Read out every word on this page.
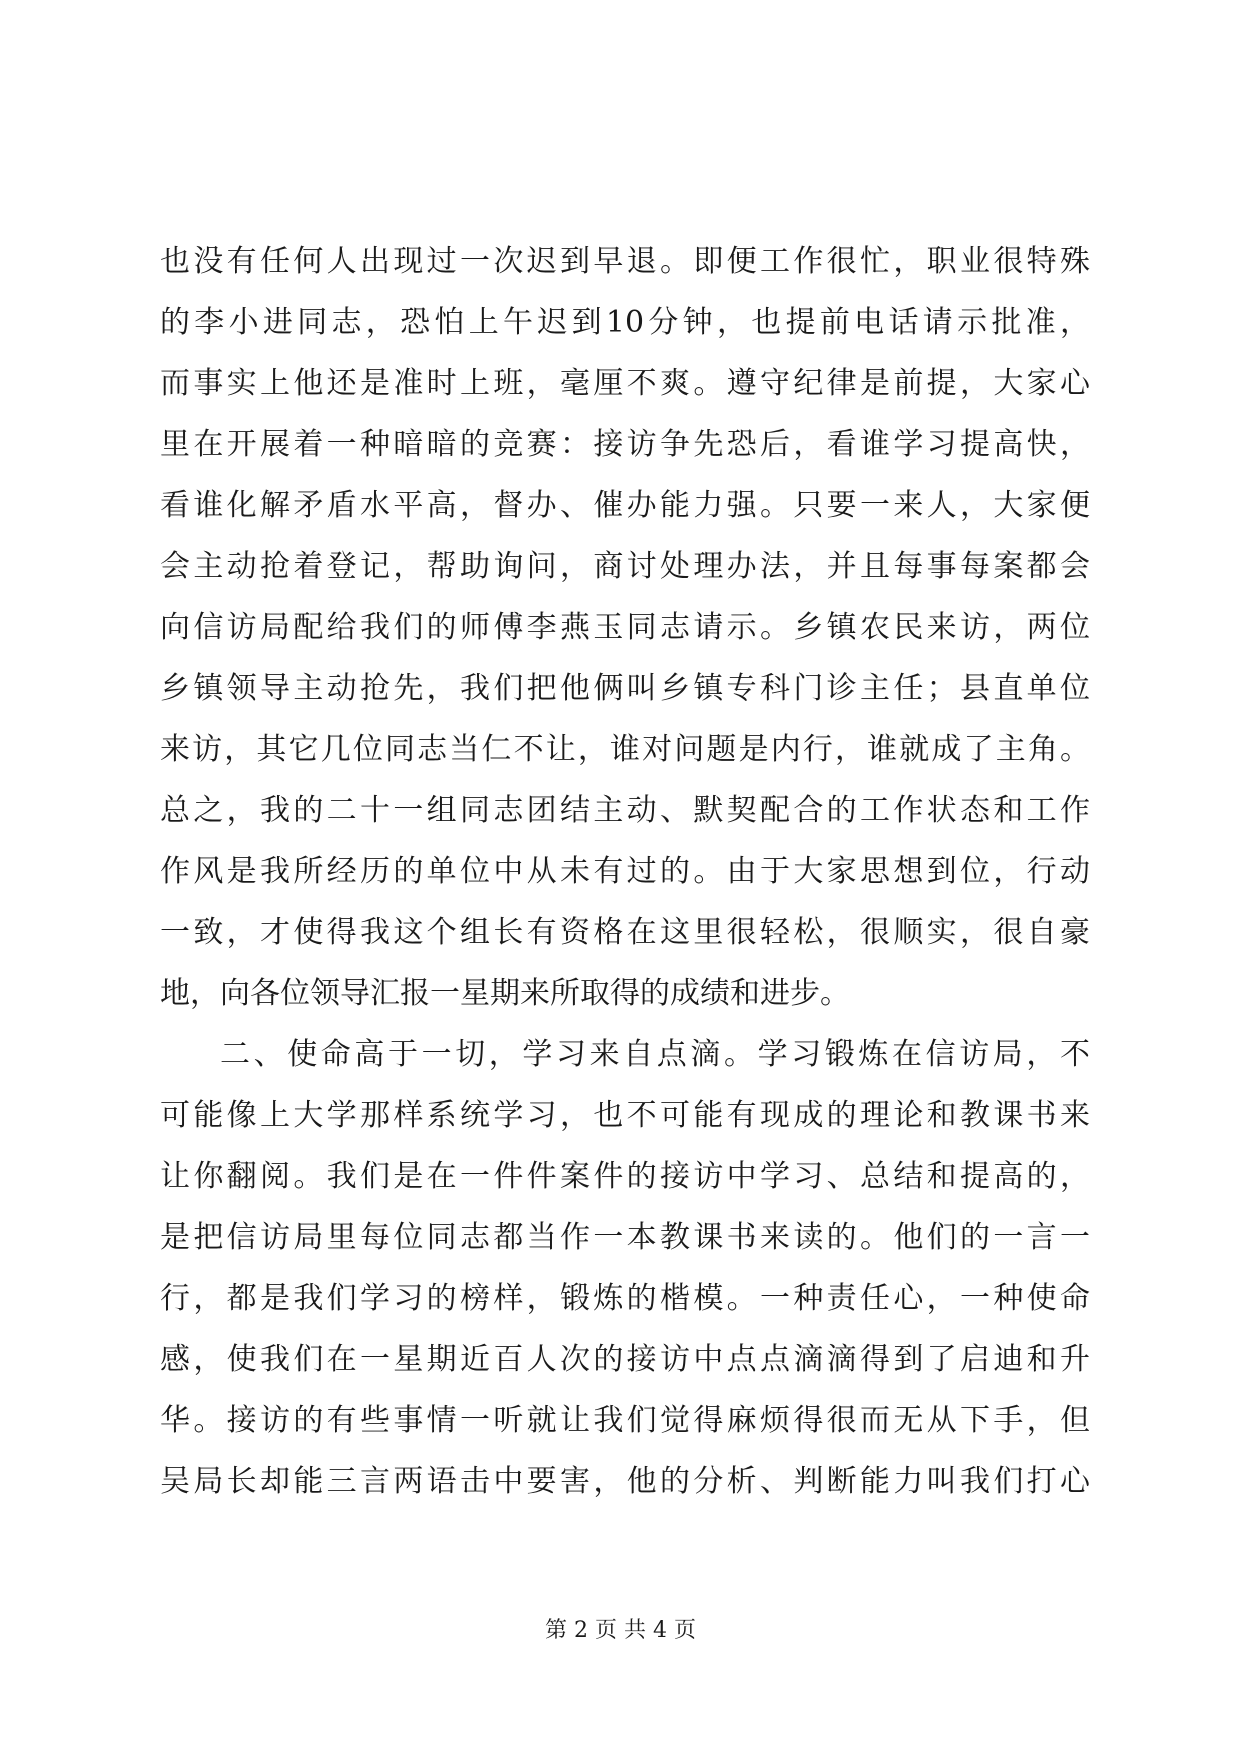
也没有任何人出现过一次迟到早退。即便工作很忙，职业很特殊
的李小进同志，恐怕上午迟到10分钟，也提前电话请示批准，
而事实上他还是准时上班，毫厘不爽。遵守纪律是前提，大家心
里在开展着一种暗暗的竞赛：接访争先恐后，看谁学习提高快，
看谁化解矛盾水平高，督办、催办能力强。只要一来人，大家便
会主动抢着登记，帮助询问，商讨处理办法，并且每事每案都会
向信访局配给我们的师傅李燕玉同志请示。乡镇农民来访，两位
乡镇领导主动抢先，我们把他俩叫乡镇专科门诊主任；县直单位
来访，其它几位同志当仁不让，谁对问题是内行，谁就成了主角。
总之，我的二十一组同志团结主动、默契配合的工作状态和工作
作风是我所经历的单位中从未有过的。由于大家思想到位，行动
一致，才使得我这个组长有资格在这里很轻松，很顺实，很自豪
地，向各位领导汇报一星期来所取得的成绩和进步。
二、使命高于一切，学习来自点滴。学习锻炼在信访局，不
可能像上大学那样系统学习，也不可能有现成的理论和教课书来
让你翻阅。我们是在一件件案件的接访中学习、总结和提高的，
是把信访局里每位同志都当作一本教课书来读的。他们的一言一
行，都是我们学习的榜样，锻炼的楷模。一种责任心，一种使命
感，使我们在一星期近百人次的接访中点点滴滴得到了启迪和升
华。接访的有些事情一听就让我们觉得麻烦得很而无从下手，但
吴局长却能三言两语击中要害，他的分析、判断能力叫我们打心
第 2 页 共 4 页
